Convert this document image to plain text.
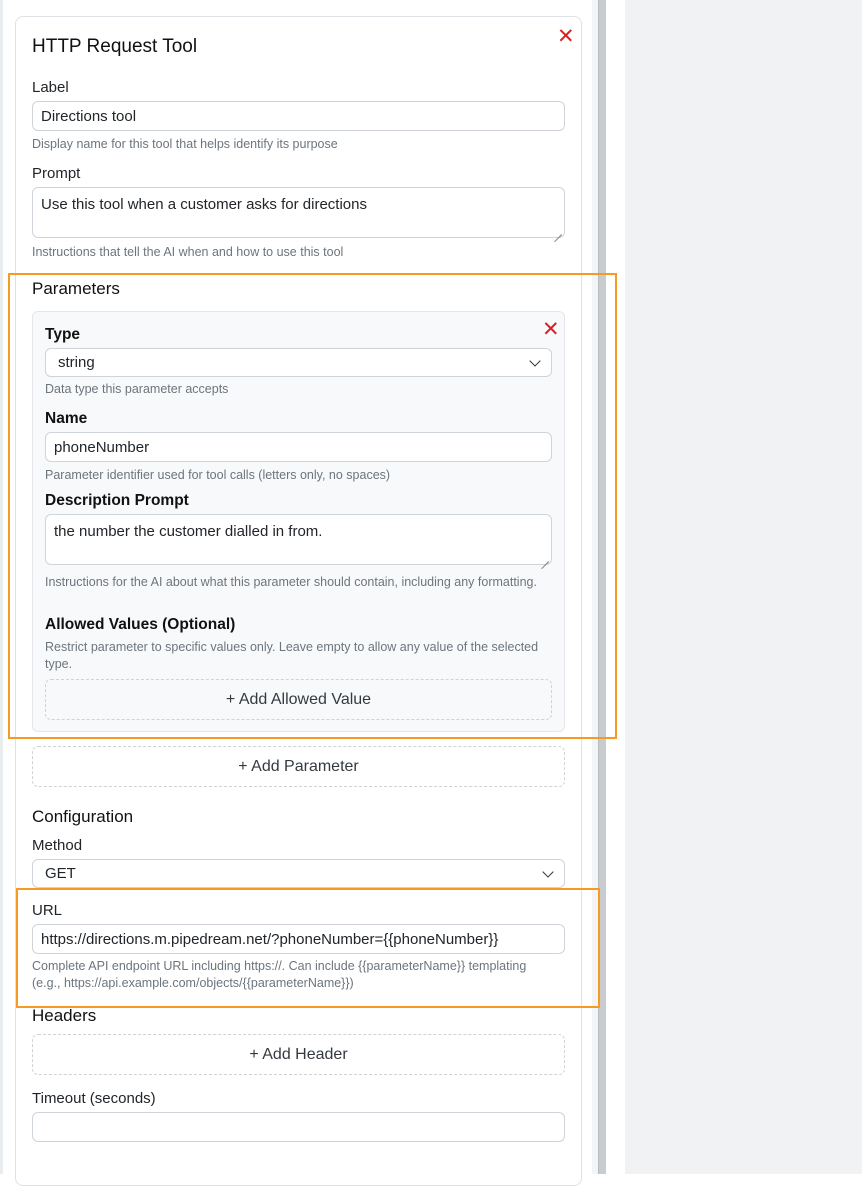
HTTP Request Tool	✕
Label
Directions tool
Display name for this tool that helps identify its purpose
Prompt
Use this tool when a customer asks for directions
Instructions that tell the AI when and how to use this tool
Parameters
✕
Type
string
Data type this parameter accepts
Name
phoneNumber
Parameter identifier used for tool calls (letters only, no spaces)
Description Prompt
the number the customer dialled in from.
Instructions for the AI about what this parameter should contain, including any formatting.
Allowed Values (Optional)
Restrict parameter to specific values only. Leave empty to allow any value of the selected type.
+ Add Allowed Value
+ Add Parameter
Configuration
Method
GET
URL
https://directions.m.pipedream.net/?phoneNumber={{phoneNumber}}
Complete API endpoint URL including https://. Can include {{parameterName}} templating (e.g., https://api.example.com/objects/{{parameterName}})
Headers
+ Add Header
Timeout (seconds)
